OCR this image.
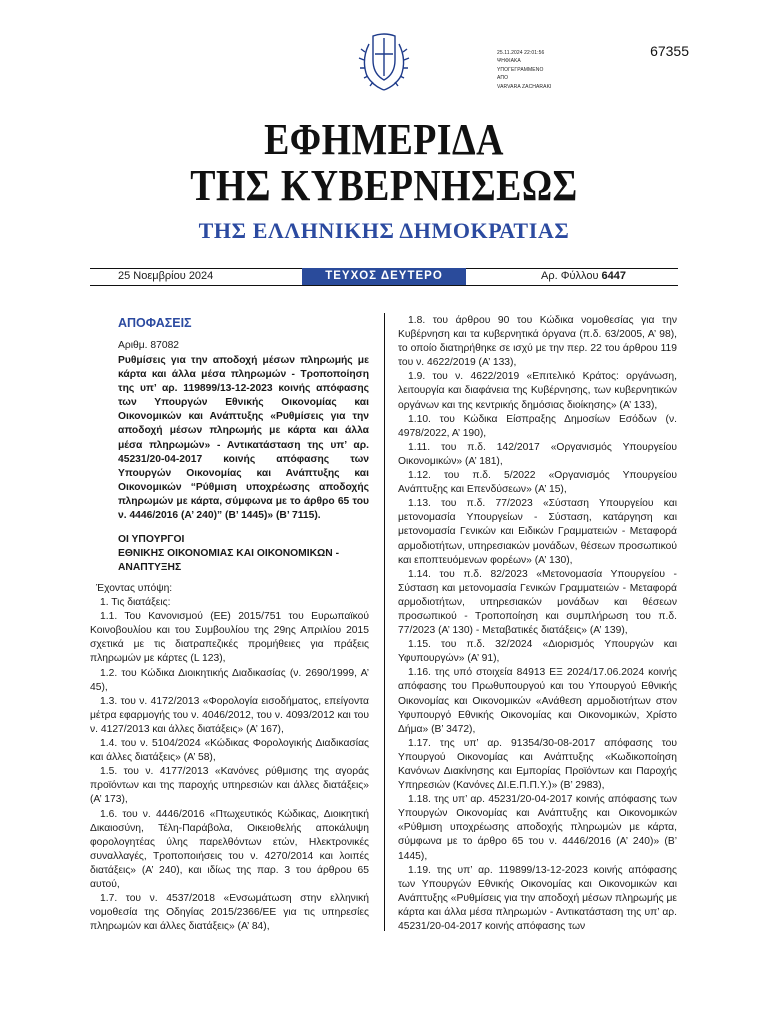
25.11.2024 22:01:56
ΨΗΦΙΑΚΑ
ΥΠΟΓΕΓΡΑΜΜΕΝΟ
ΑΠΟ
VARVARA ZACHARAKI
67355
ΕΦΗΜΕΡΙΔΑ
ΤΗΣ ΚΥΒΕΡΝΗΣΕΩΣ
ΤΗΣ ΕΛΛΗΝΙΚΗΣ ΔΗΜΟΚΡΑΤΙΑΣ
25 Νοεμβρίου 2024	ΤΕΥΧΟΣ ΔΕΥΤΕΡΟ	Αρ. Φύλλου 6447
ΑΠΟΦΑΣΕΙΣ
Αριθμ. 87082
Ρυθμίσεις για την αποδοχή μέσων πληρωμής με κάρτα και άλλα μέσα πληρωμών - Τροποποίηση της υπ’ αρ. 119899/13-12-2023 κοινής απόφασης των Υπουργών Εθνικής Οικονομίας και Οικονομικών και Ανάπτυξης «Ρυθμίσεις για την αποδοχή μέσων πληρωμής με κάρτα και άλλα μέσα πληρωμών» - Αντικατάσταση της υπ’ αρ. 45231/20-04-2017 κοινής απόφασης των Υπουργών Οικονομίας και Ανάπτυξης και Οικονομικών “Ρύθμιση υποχρέωσης αποδοχής πληρωμών με κάρτα, σύμφωνα με το άρθρο 65 του ν. 4446/2016 (Α’ 240)” (Β’ 1445)» (Β’ 7115).
ΟΙ ΥΠΟΥΡΓΟΙ
ΕΘΝΙΚΗΣ ΟΙΚΟΝΟΜΙΑΣ ΚΑΙ ΟΙΚΟΝΟΜΙΚΩΝ - ΑΝΑΠΤΥΞΗΣ

Έχοντας υπόψη:

1. Τις διατάξεις:

1.1. Του Κανονισμού (ΕΕ) 2015/751 του Ευρωπαϊκού Κοινοβουλίου και του Συμβουλίου της 29ης Απριλίου 2015 σχετικά με τις διατραπεζικές προμήθειες για πράξεις πληρωμών με κάρτες (L 123),

1.2. του Κώδικα Διοικητικής Διαδικασίας (ν. 2690/1999, Α’ 45),

1.3. του ν. 4172/2013 «Φορολογία εισοδήματος, επείγοντα μέτρα εφαρμογής του ν. 4046/2012, του ν. 4093/2012 και του ν. 4127/2013 και άλλες διατάξεις» (Α’ 167),

1.4. του ν. 5104/2024 «Κώδικας Φορολογικής Διαδικασίας και άλλες διατάξεις» (Α’ 58),

1.5. του ν. 4177/2013 «Κανόνες ρύθμισης της αγοράς προϊόντων και της παροχής υπηρεσιών και άλλες διατάξεις» (Α’ 173),

1.6. του ν. 4446/2016 «Πτωχευτικός Κώδικας, Διοικητική Δικαιοσύνη, Τέλη-Παράβολα, Οικειοθελής αποκάλυψη φορολογητέας ύλης παρελθόντων ετών, Ηλεκτρονικές συναλλαγές, Τροποποιήσεις του ν. 4270/2014 και λοιπές διατάξεις» (Α’ 240), και ιδίως της παρ. 3 του άρθρου 65 αυτού,

1.7. του ν. 4537/2018 «Ενσωμάτωση στην ελληνική νομοθεσία της Οδηγίας 2015/2366/ΕΕ για τις υπηρεσίες πληρωμών και άλλες διατάξεις» (Α’ 84),

1.8. του άρθρου 90 του Κώδικα νομοθεσίας για την Κυβέρνηση και τα κυβερνητικά όργανα (π.δ. 63/2005, Α’ 98), το οποίο διατηρήθηκε σε ισχύ με την περ. 22 του άρθρου 119 του ν. 4622/2019 (Α’ 133),

1.9. του ν. 4622/2019 «Επιτελικό Κράτος: οργάνωση, λειτουργία και διαφάνεια της Κυβέρνησης, των κυβερνητικών οργάνων και της κεντρικής δημόσιας διοίκησης» (Α’ 133),

1.10. του Κώδικα Είσπραξης Δημοσίων Εσόδων (ν. 4978/2022, Α’ 190),

1.11. του π.δ. 142/2017 «Οργανισμός Υπουργείου Οικονομικών» (Α’ 181),

1.12. του π.δ. 5/2022 «Οργανισμός Υπουργείου Ανάπτυξης και Επενδύσεων» (Α’ 15),

1.13. του π.δ. 77/2023 «Σύσταση Υπουργείου και μετονομασία Υπουργείων - Σύσταση, κατάργηση και μετονομασία Γενικών και Ειδικών Γραμματειών - Μεταφορά αρμοδιοτήτων, υπηρεσιακών μονάδων, θέσεων προσωπικού και εποπτευόμενων φορέων» (Α’ 130),

1.14. του π.δ. 82/2023 «Μετονομασία Υπουργείου - Σύσταση και μετονομασία Γενικών Γραμματειών - Μεταφορά αρμοδιοτήτων, υπηρεσιακών μονάδων και θέσεων προσωπικού - Τροποποίηση και συμπλήρωση του π.δ. 77/2023 (Α’ 130) - Μεταβατικές διατάξεις» (Α’ 139),

1.15. του π.δ. 32/2024 «Διορισμός Υπουργών και Υφυπουργών» (Α’ 91),

1.16. της υπό στοιχεία 84913 ΕΞ 2024/17.06.2024 κοινής απόφασης του Πρωθυπουργού και του Υπουργού Εθνικής Οικονομίας και Οικονομικών «Ανάθεση αρμοδιοτήτων στον Υφυπουργό Εθνικής Οικονομίας και Οικονομικών, Χρίστο Δήμα» (Β’ 3472),

1.17. της υπ’ αρ. 91354/30-08-2017 απόφασης του Υπουργού Οικονομίας και Ανάπτυξης «Κωδικοποίηση Κανόνων Διακίνησης και Εμπορίας Προϊόντων και Παροχής Υπηρεσιών (Κανόνες ΔΙ.Ε.Π.Π.Υ.)» (Β’ 2983),

1.18. της υπ’ αρ. 45231/20-04-2017 κοινής απόφασης των Υπουργών Οικονομίας και Ανάπτυξης και Οικονομικών «Ρύθμιση υποχρέωσης αποδοχής πληρωμών με κάρτα, σύμφωνα με το άρθρο 65 του ν. 4446/2016 (Α’ 240)» (Β’ 1445),

1.19. της υπ’ αρ. 119899/13-12-2023 κοινής απόφασης των Υπουργών Εθνικής Οικονομίας και Οικονομικών και Ανάπτυξης «Ρυθμίσεις για την αποδοχή μέσων πληρωμής με κάρτα και άλλα μέσα πληρωμών - Αντικατάσταση της υπ’ αρ. 45231/20-04-2017 κοινής απόφασης των
